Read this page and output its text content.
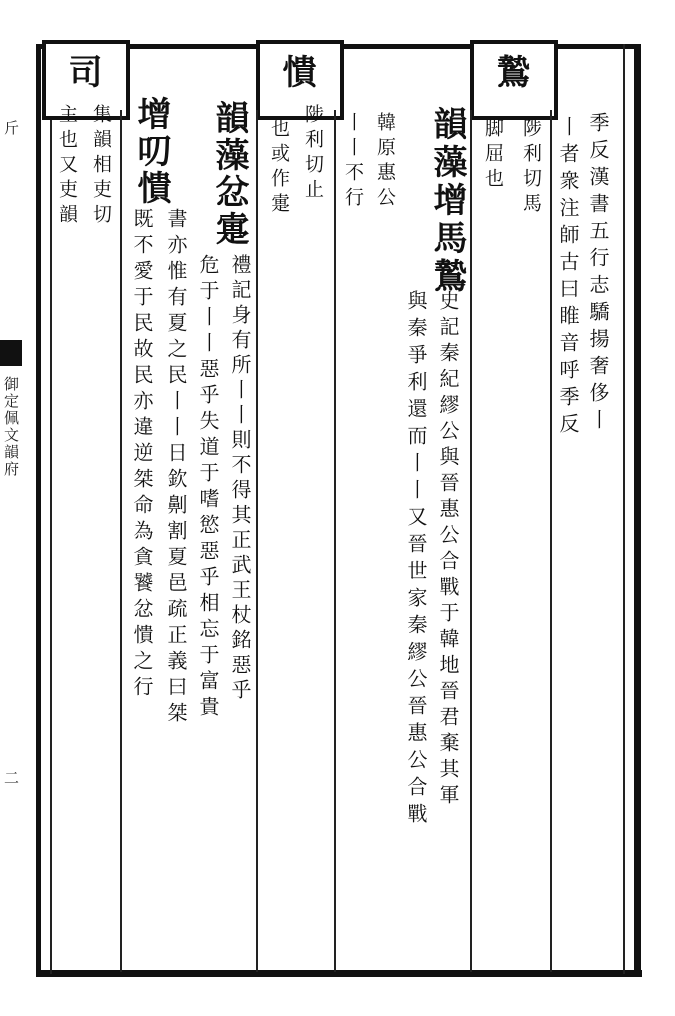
季反漢書五行志驕揚奢侈丨
丨者衆注師古曰睢音呼季反
鷙
陟利切馬
脚屈也
韻藻增馬鷙
史記秦紀繆公與晉惠公合戰于韓地晉君棄其軍
與秦爭利還而丨丨又晉世家秦繆公晉惠公合戰
韓原惠公
丨丨不行
憒
陟利切止
也或作疐
韻藻忿疐
禮記身有所丨丨則不得其正武王杖銘惡乎
危于丨丨惡乎失道于嗜慾惡乎相忘于富貴
增叨憒
書亦惟有夏之民丨丨日欽劓割夏邑疏正義曰桀
既不愛于民故民亦違逆桀命為貪饕忿憒之行
司
集韻相吏切
主也又吏韻
斤
御定佩文韻府
二
